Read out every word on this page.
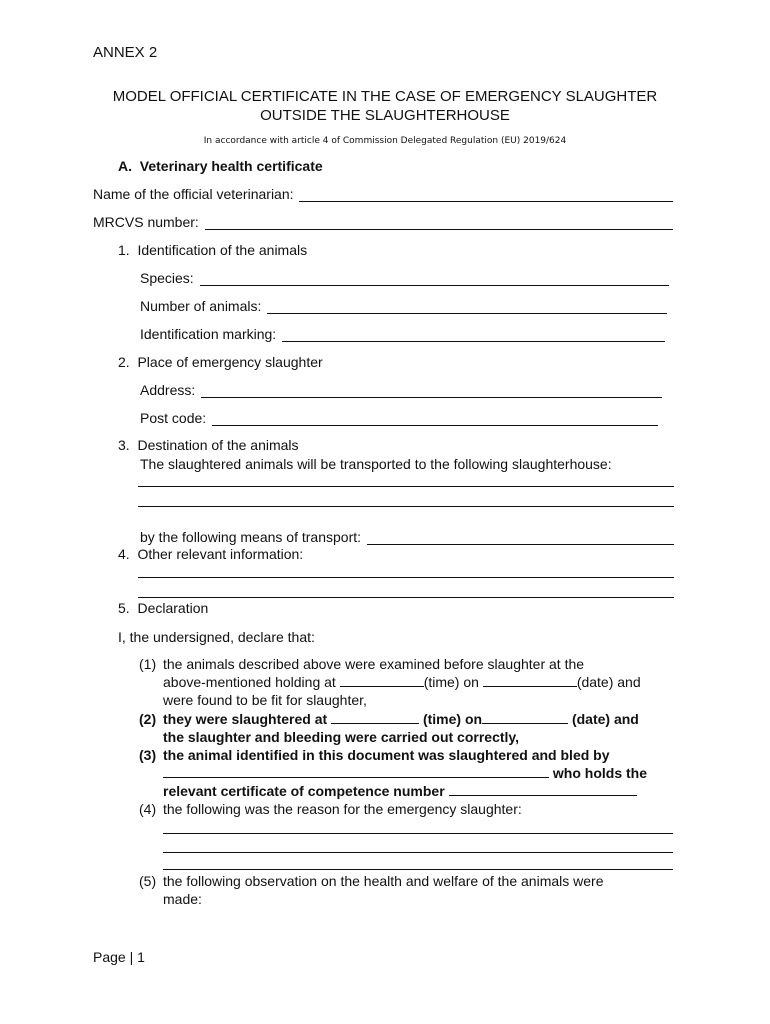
ANNEX 2
MODEL OFFICIAL CERTIFICATE IN THE CASE OF EMERGENCY SLAUGHTER
OUTSIDE THE SLAUGHTERHOUSE
In accordance with article 4 of Commission Delegated Regulation (EU) 2019/624
A.  Veterinary health certificate
Name of the official veterinarian:
MRCVS number:
1.  Identification of the animals
Species:
Number of animals:
Identification marking:
2.  Place of emergency slaughter
Address:
Post code:
3.  Destination of the animals
The slaughtered animals will be transported to the following slaughterhouse:
by the following means of transport:
4.  Other relevant information:
5.  Declaration
I, the undersigned, declare that:
(1) the animals described above were examined before slaughter at the
above-mentioned holding at	(time) on	(date) and
were found to be fit for slaughter,
(2) they were slaughtered at	(time) on	(date) and
the slaughter and bleeding were carried out correctly,
(3) the animal identified in this document was slaughtered and bled by
who holds the
relevant certificate of competence number
(4) the following was the reason for the emergency slaughter:
(5) the following observation on the health and welfare of the animals were
made:
Page | 1
